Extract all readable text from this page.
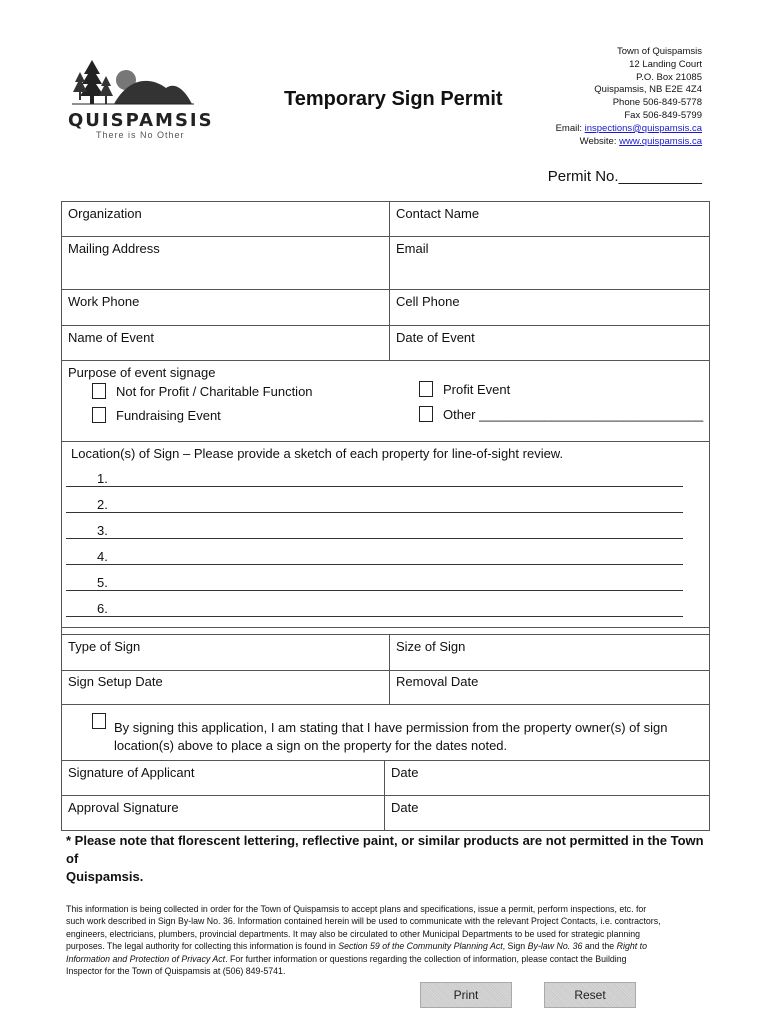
QUISPAMSIS
There is No Other
Temporary Sign Permit
Town of Quispamsis
12 Landing Court
P.O. Box 21085
Quispamsis, NB E2E 4Z4
Phone 506-849-5778
Fax 506-849-5799
Email: inspections@quispamsis.ca
Website: www.quispamsis.ca
Permit No.__________
Organization	Contact Name
Mailing Address	Email
Work Phone	Cell Phone
Name of Event	Date of Event
Purpose of event signage
Not for Profit / Charitable Function
Fundraising Event
Profit Event
Other _______________________________
Location(s) of Sign – Please provide a sketch of each property for line-of-sight review.
Type of Sign	Size of Sign
Sign Setup Date	Removal Date
By signing this application, I am stating that I have permission from the property owner(s) of sign
location(s) above to place a sign on the property for the dates noted.
Signature of Applicant	Date
Approval Signature	Date
1.
2.
3.
4.
5.
6.
* Please note that florescent lettering, reflective paint, or similar products are not permitted in the Town of
Quispamsis.
This information is being collected in order for the Town of Quispamsis to accept plans and specifications, issue a permit, perform inspections, etc. for
such work described in Sign By-law No. 36. Information contained herein will be used to communicate with the relevant Project Contacts, i.e. contractors,
engineers, electricians, plumbers, provincial departments. It may also be circulated to other Municipal Departments to be used for strategic planning
purposes. The legal authority for collecting this information is found in Section 59 of the Community Planning Act, Sign By-law No. 36 and the Right to
Information and Protection of Privacy Act. For further information or questions regarding the collection of information, please contact the Building
Inspector for the Town of Quispamsis at (506) 849-5741.
Print	Reset
